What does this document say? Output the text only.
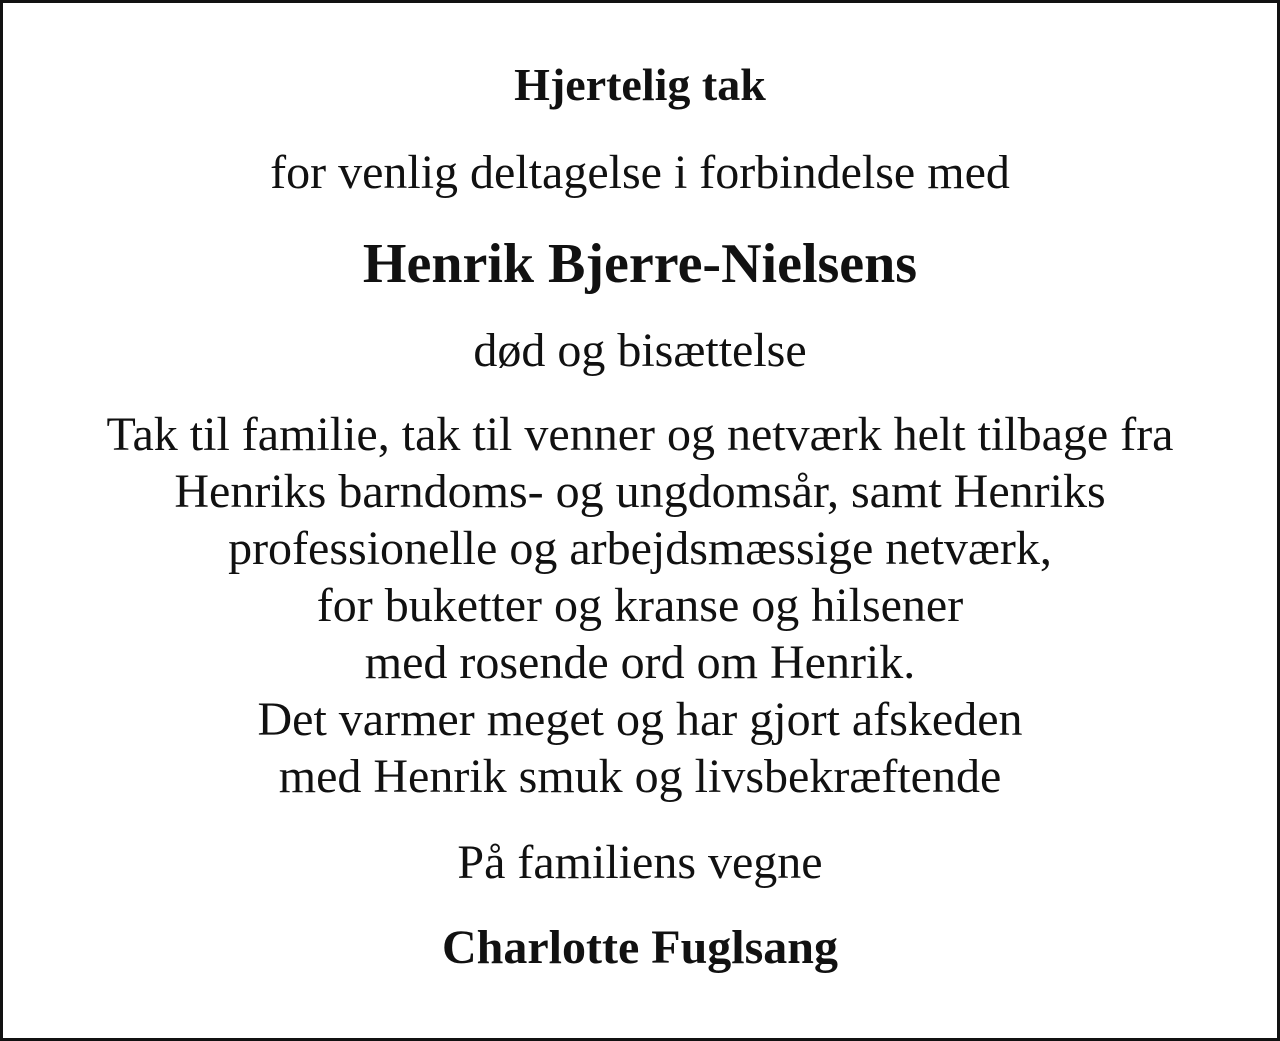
Hjertelig tak

for venlig deltagelse i forbindelse med

Henrik Bjerre-Nielsens

død og bisættelse

Tak til familie, tak til venner og netværk helt tilbage fra
Henriks barndoms- og ungdomsår, samt Henriks
professionelle og arbejdsmæssige netværk,
for buketter og kranse og hilsener
med rosende ord om Henrik.
Det varmer meget og har gjort afskeden
med Henrik smuk og livsbekræftende

På familiens vegne

Charlotte Fuglsang
